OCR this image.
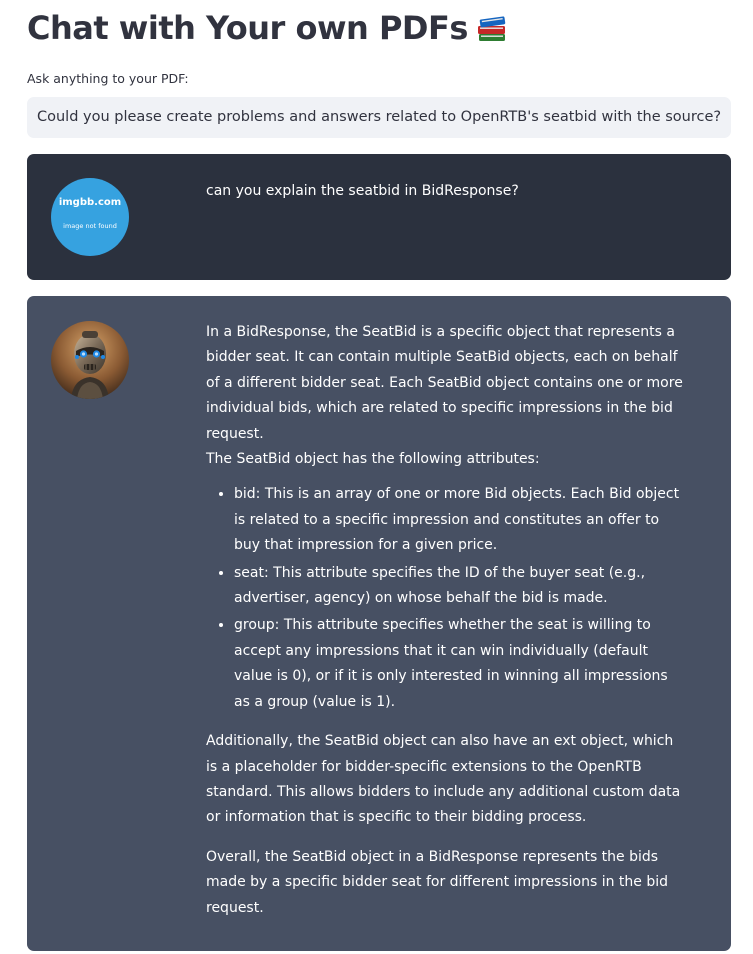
Chat with Your own PDFs
Ask anything to your PDF:
Could you please create problems and answers related to OpenRTB's seatbid with the source?
imgbb.com
image not found
can you explain the seatbid in BidResponse?

In a BidResponse, the SeatBid is a specific object that represents a bidder seat. It can contain multiple SeatBid objects, each on behalf of a different bidder seat. Each SeatBid object contains one or more individual bids, which are related to specific impressions in the bid request.

The SeatBid object has the following attributes:

• bid: This is an array of one or more Bid objects. Each Bid object is related to a specific impression and constitutes an offer to buy that impression for a given price.
• seat: This attribute specifies the ID of the buyer seat (e.g., advertiser, agency) on whose behalf the bid is made.
• group: This attribute specifies whether the seat is willing to accept any impressions that it can win individually (default value is 0), or if it is only interested in winning all impressions as a group (value is 1).

Additionally, the SeatBid object can also have an ext object, which is a placeholder for bidder-specific extensions to the OpenRTB standard. This allows bidders to include any additional custom data or information that is specific to their bidding process.

Overall, the SeatBid object in a BidResponse represents the bids made by a specific bidder seat for different impressions in the bid request.
